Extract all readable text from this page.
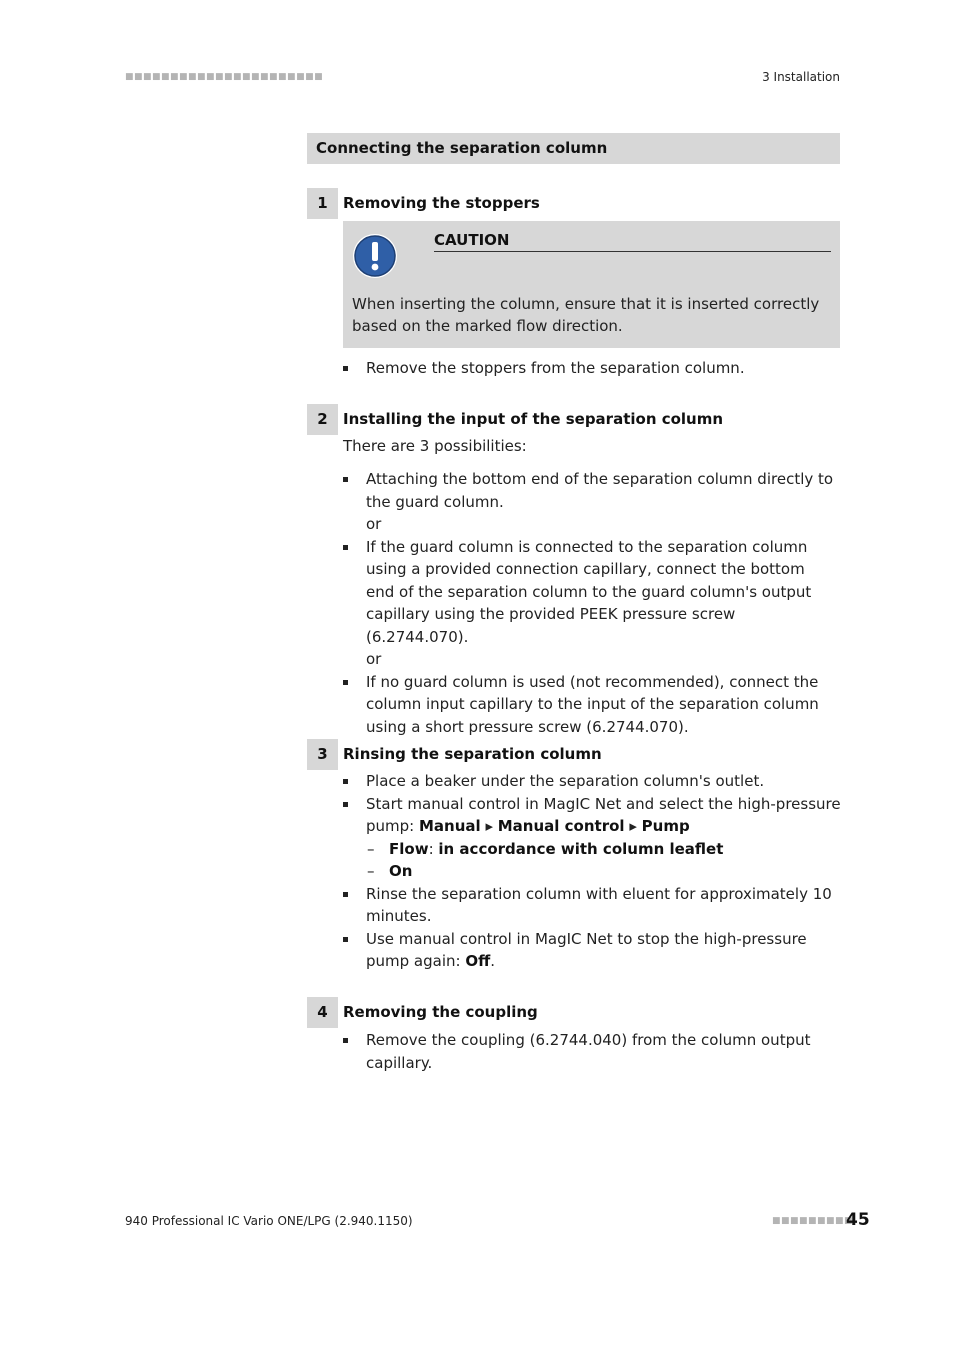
■■■■■■■■■■■■■■■■■■■■■■	3 Installation
Connecting the separation column
1	Removing the stoppers
CAUTION
When inserting the column, ensure that it is inserted correctly based on the marked flow direction.
Remove the stoppers from the separation column.
2	Installing the input of the separation column
There are 3 possibilities:
Attaching the bottom end of the separation column directly to the guard column.
or
If the guard column is connected to the separation column using a provided connection capillary, connect the bottom end of the separation column to the guard column's output capillary using the provided PEEK pressure screw (6.2744.070).
or
If no guard column is used (not recommended), connect the column input capillary to the input of the separation column using a short pressure screw (6.2744.070).
3	Rinsing the separation column
Place a beaker under the separation column's outlet.
Start manual control in MagIC Net and select the high-pressure pump: Manual ▸ Manual control ▸ Pump
– Flow: in accordance with column leaflet
– On
Rinse the separation column with eluent for approximately 10 minutes.
Use manual control in MagIC Net to stop the high-pressure pump again: Off.
4	Removing the coupling
Remove the coupling (6.2744.040) from the column output capillary.
940 Professional IC Vario ONE/LPG (2.940.1150)	■■■■■■■■■
45
